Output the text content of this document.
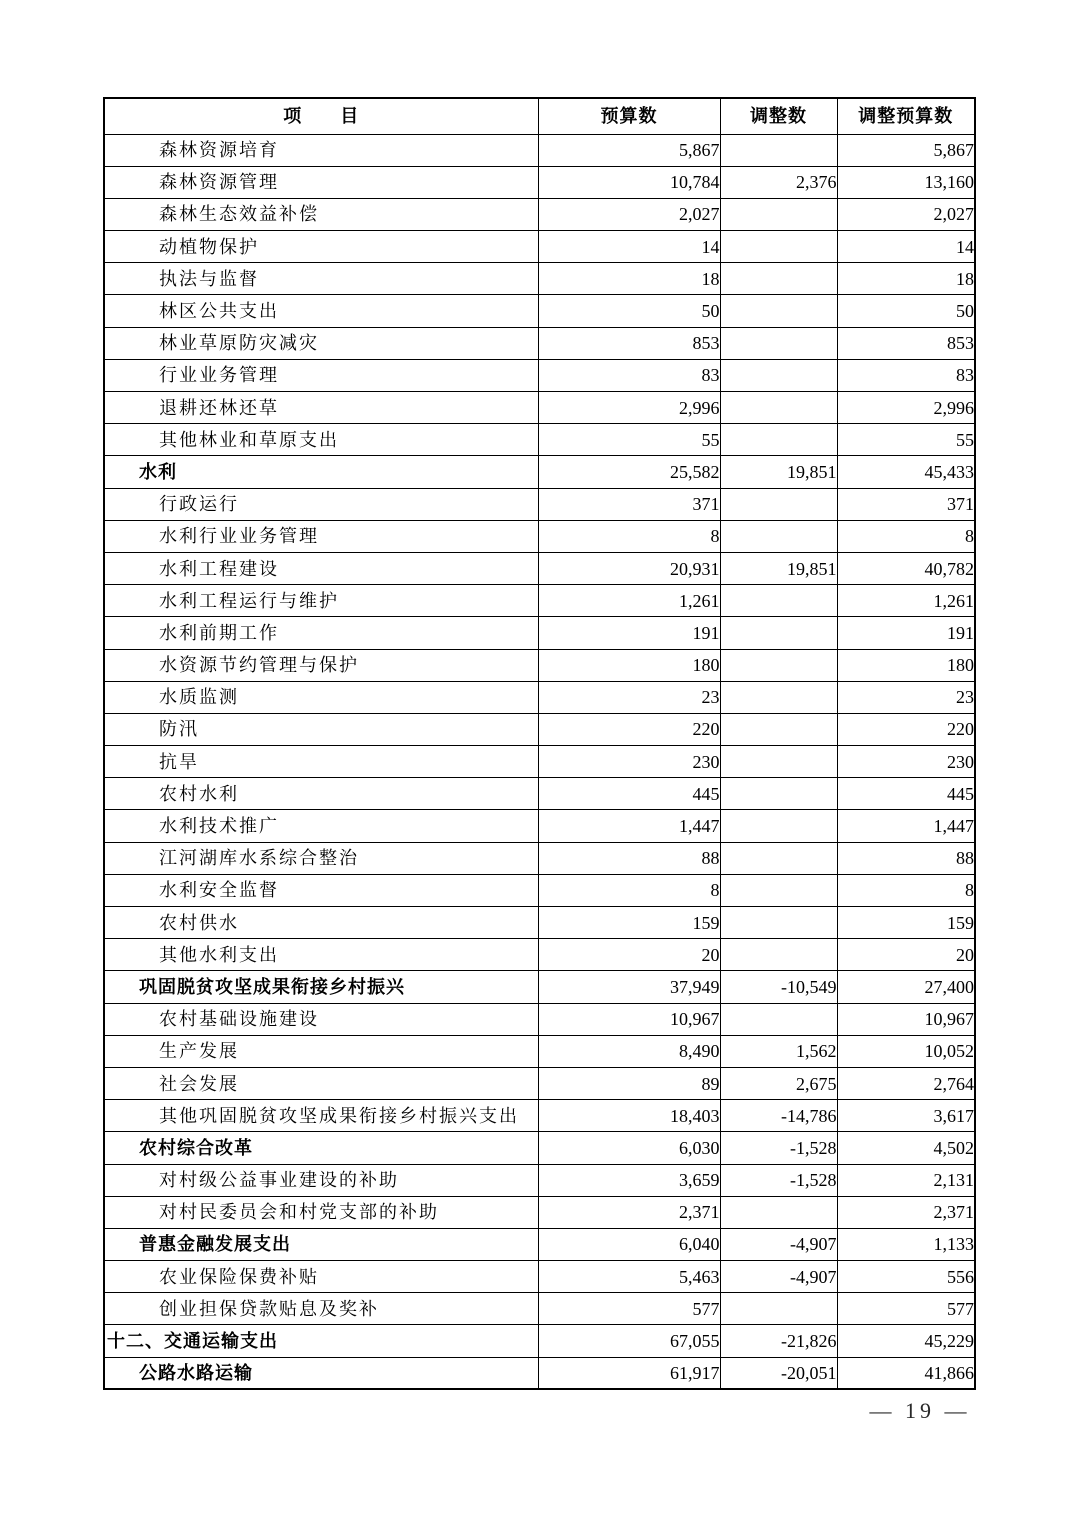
项　　目	预算数	调整数	调整预算数
森林资源培育	5,867		5,867
森林资源管理	10,784	2,376	13,160
森林生态效益补偿	2,027		2,027
动植物保护	14		14
执法与监督	18		18
林区公共支出	50		50
林业草原防灾减灾	853		853
行业业务管理	83		83
退耕还林还草	2,996		2,996
其他林业和草原支出	55		55
水利	25,582	19,851	45,433
行政运行	371		371
水利行业业务管理	8		8
水利工程建设	20,931	19,851	40,782
水利工程运行与维护	1,261		1,261
水利前期工作	191		191
水资源节约管理与保护	180		180
水质监测	23		23
防汛	220		220
抗旱	230		230
农村水利	445		445
水利技术推广	1,447		1,447
江河湖库水系综合整治	88		88
水利安全监督	8		8
农村供水	159		159
其他水利支出	20		20
巩固脱贫攻坚成果衔接乡村振兴	37,949	-10,549	27,400
农村基础设施建设	10,967		10,967
生产发展	8,490	1,562	10,052
社会发展	89	2,675	2,764
其他巩固脱贫攻坚成果衔接乡村振兴支出	18,403	-14,786	3,617
农村综合改革	6,030	-1,528	4,502
对村级公益事业建设的补助	3,659	-1,528	2,131
对村民委员会和村党支部的补助	2,371		2,371
普惠金融发展支出	6,040	-4,907	1,133
农业保险保费补贴	5,463	-4,907	556
创业担保贷款贴息及奖补	577		577
十二、交通运输支出	67,055	-21,826	45,229
公路水路运输	61,917	-20,051	41,866
— 19 —
